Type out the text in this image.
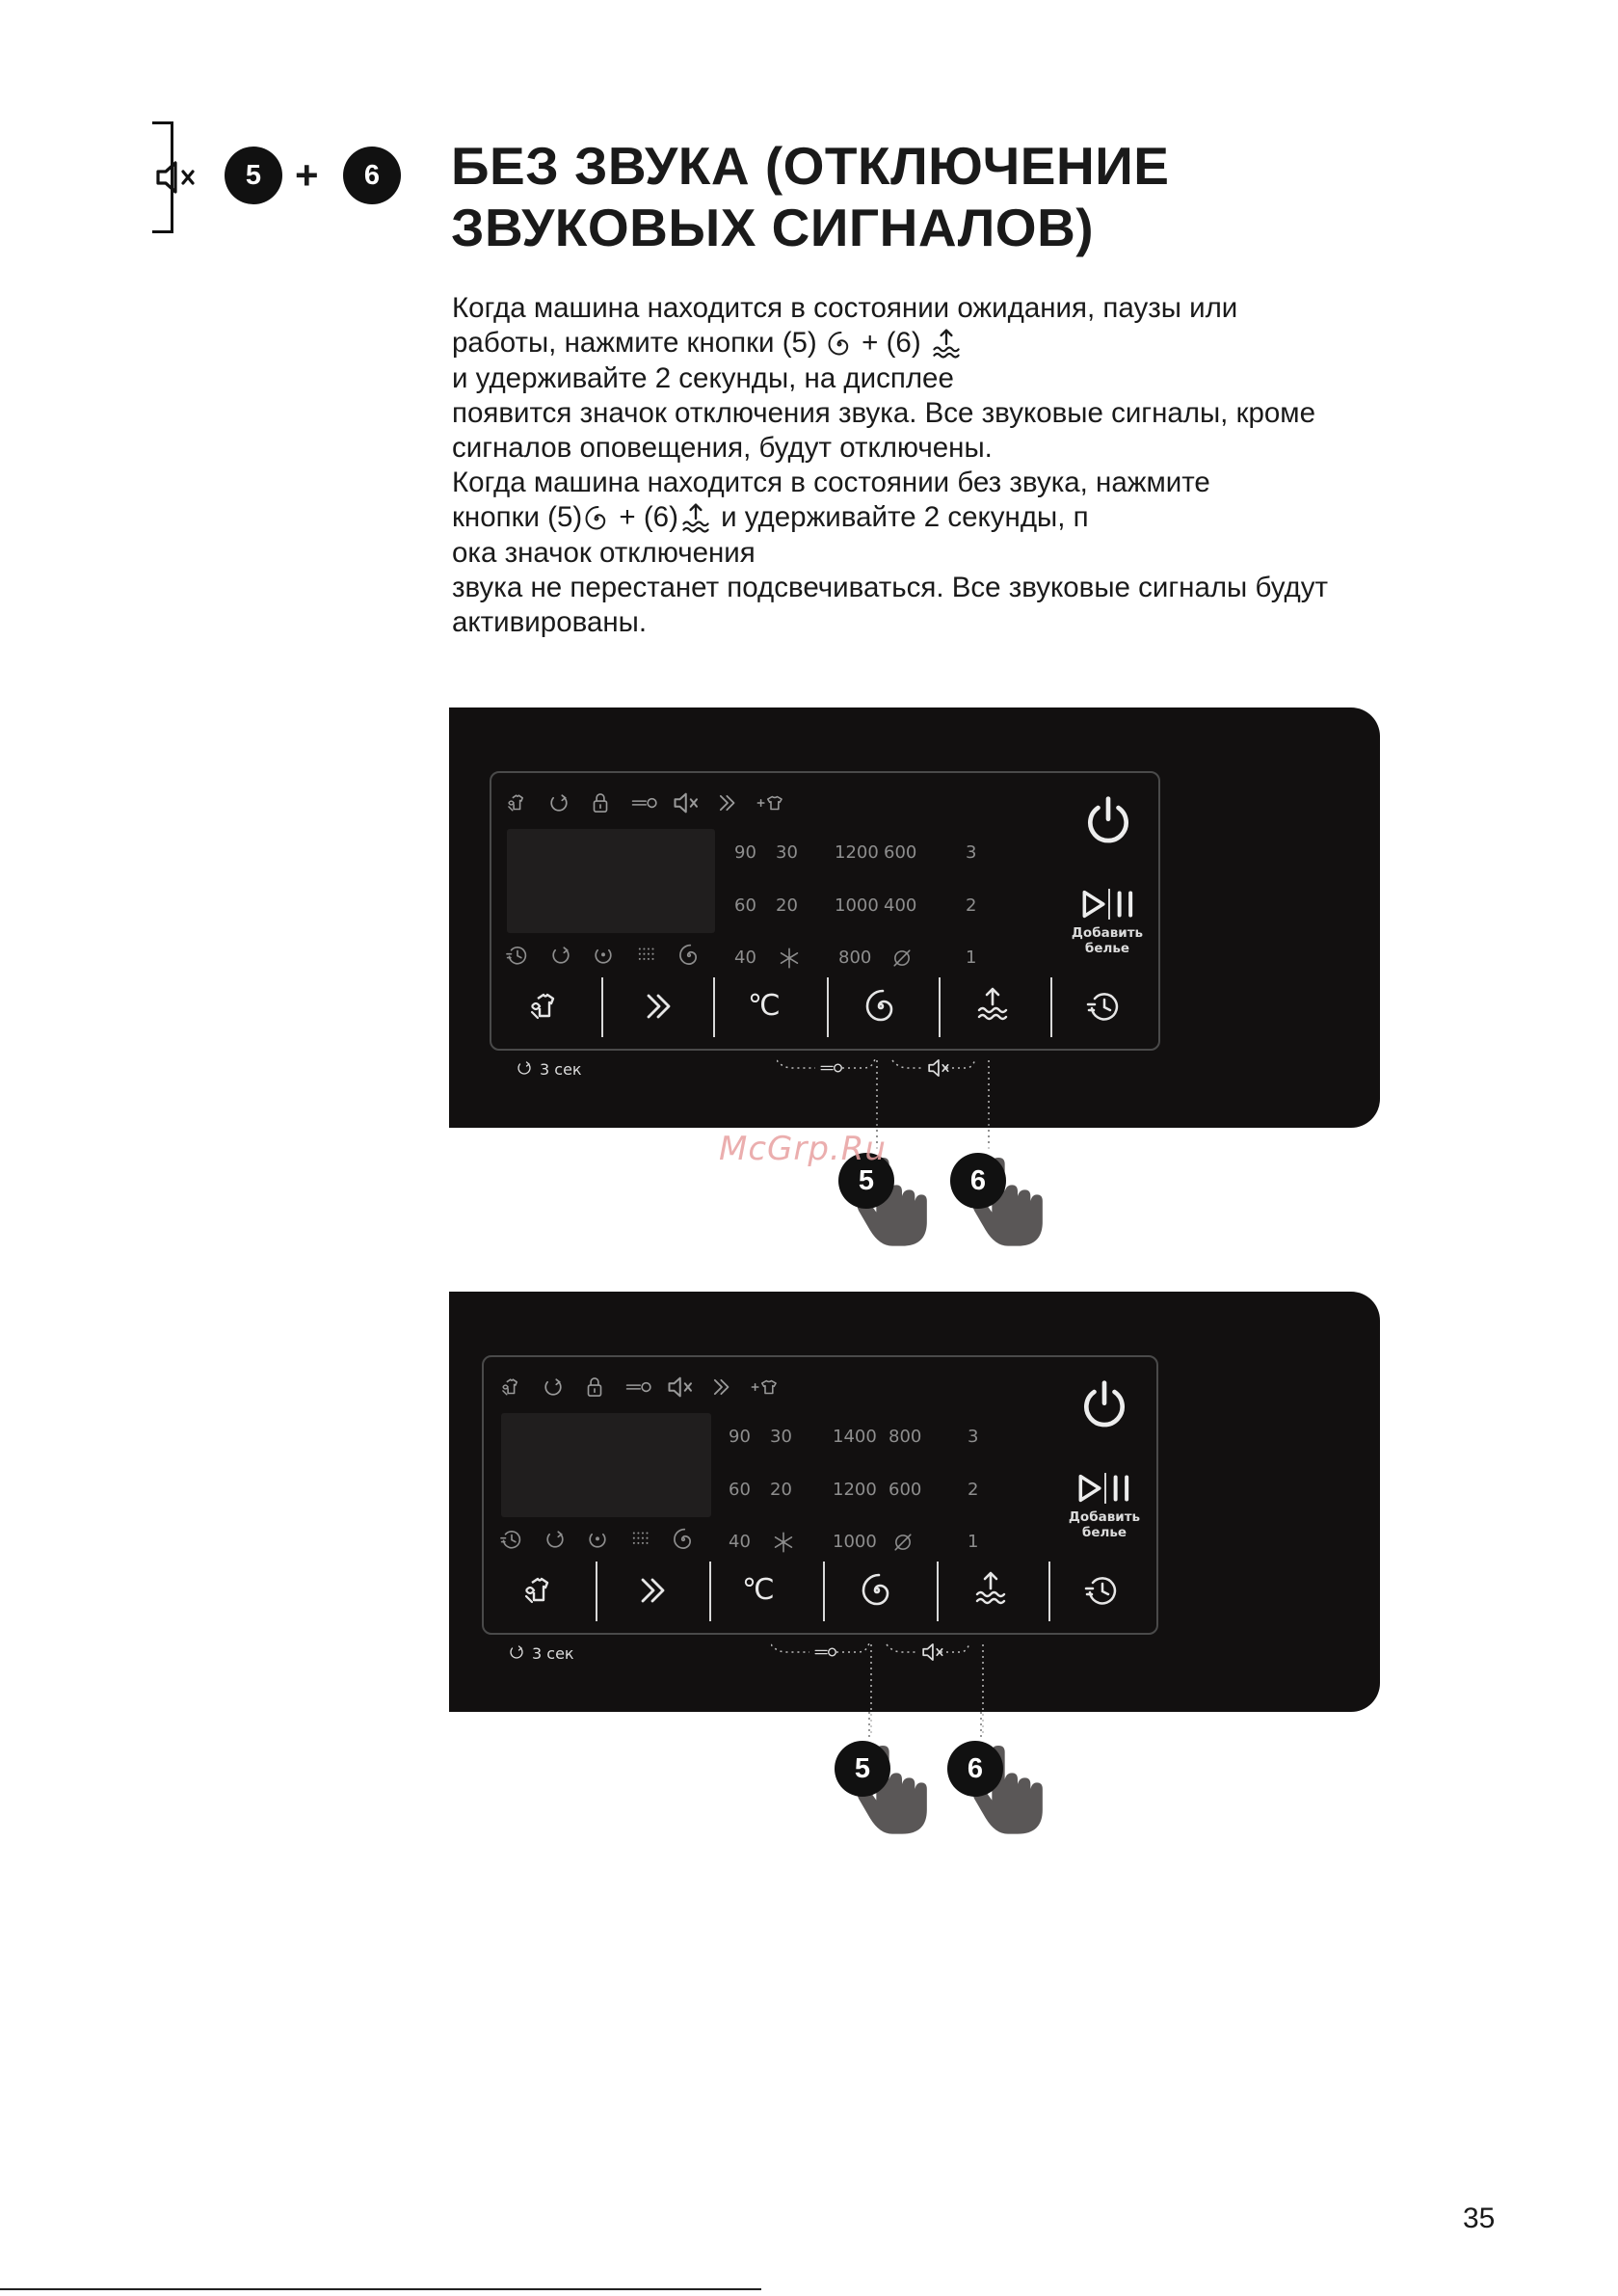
5 +	6	БЕЗ ЗВУКА (ОТКЛЮЧЕНИЕ
ЗВУКОВЫХ СИГНАЛОВ)
Когда машина находится в состоянии ожидания, паузы или
работы, нажмите кнопки (5)  + (6)
и удерживайте 2 секунды, на дисплее
появится значок отключения звука. Все звуковые сигналы, кроме
сигналов оповещения, будут отключены.
Когда машина находится в состоянии без звука, нажмите
кнопки (5) + (6) и удерживайте 2 секунды, п
ока значок отключения
звука не перестанет подсвечиваться. Все звуковые сигналы будут
активированы.
90
60
40
30
20
1200
1000
800
600
400
3
2
1
Добавить
белье
℃
3 сек
5	6
90
60
40
30
20
1400
1200
1000
800
600
3
2
1
Добавить
белье
℃
3 сек
5	6
McGrp.Ru
35
